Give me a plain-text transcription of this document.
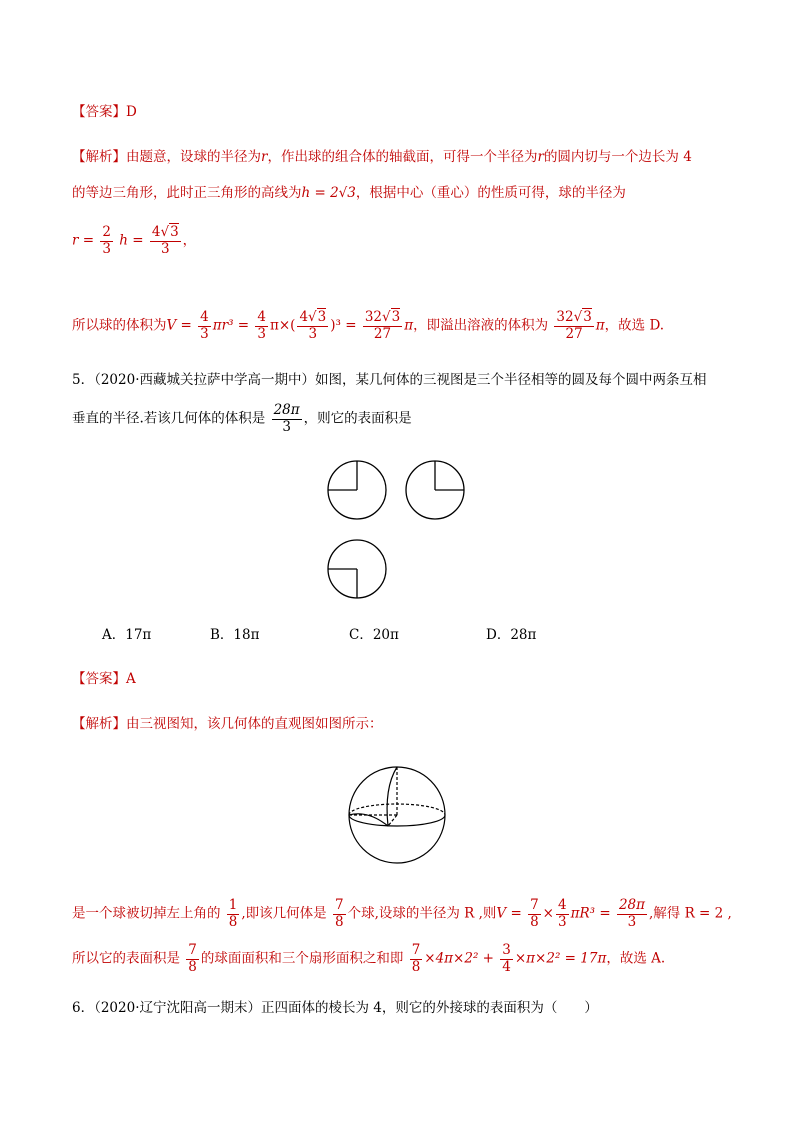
【答案】D
【解析】由题意，设球的半径为r，作出球的组合体的轴截面，可得一个半径为r的圆内切与一个边长为 4
的等边三角形，此时正三角形的高线为h = 2√3，根据中心（重心）的性质可得，球的半径为
$r = \frac{2}{3}$ $h = \frac{4√3}{3}$ ，
所以球的体积为$V = \frac{4}{3} \pi r^3 = \frac{4}{3} \pi\times( \frac{4√3}{3} )^3 = \frac{32√3}{27}$ π，即溢出溶液的体积为 $\frac{32√3}{27}$ π，故选 D.
5．（2020·西藏城关拉萨中学高一期中）如图，某几何体的三视图是三个半径相等的圆及每个圆中两条互相
垂直的半径.若该几何体的体积是 $\frac{28\pi}{3}$ ，则它的表面积是
A．17π	B．18π	C．20π	D．28π
【答案】A
【解析】由三视图知，该几何体的直观图如图所示：
是一个球被切掉左上角的 $\frac{1}{8}$ ,即该几何体是 $\frac{7}{8}$ 个球,设球的半径为 R ,则$V = \frac{7}{8} \times \frac{4}{3} \pi R^3 = \frac{28\pi}{3}$ ,解得 R = 2 ,
所以它的表面积是 $\frac{7}{8}$ 的球面面积和三个扇形面积之和即 $\frac{7}{8} \times 4\pi\times 2^2 + \frac{3}{4} \times\pi\times 2^2 = 17\pi$，故选 A.
6．（2020·辽宁沈阳高一期末）正四面体的棱长为 4，则它的外接球的表面积为（　　）
